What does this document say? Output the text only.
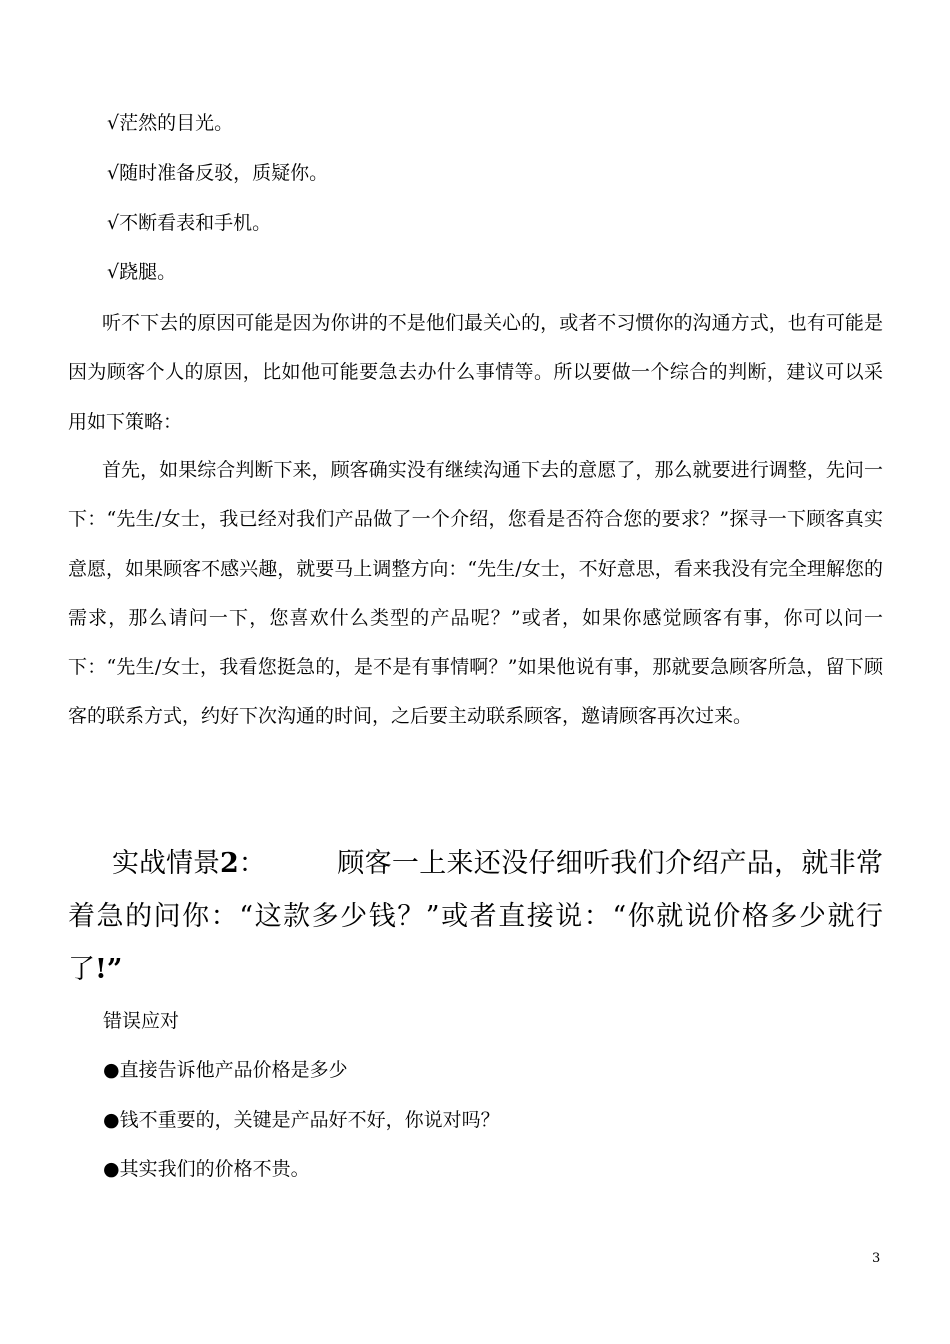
√茫然的目光。
√随时准备反驳，质疑你。
√不断看表和手机。
√跷腿。

听不下去的原因可能是因为你讲的不是他们最关心的，或者不习惯你的沟通方式，也有可能是因为顾客个人的原因，比如他可能要急去办什么事情等。所以要做一个综合的判断，建议可以采用如下策略：

首先，如果综合判断下来，顾客确实没有继续沟通下去的意愿了，那么就要进行调整，先问一下：“先生/女士，我已经对我们产品做了一个介绍，您看是否符合您的要求？”探寻一下顾客真实意愿，如果顾客不感兴趣，就要马上调整方向：“先生/女士，不好意思，看来我没有完全理解您的需求，那么请问一下，您喜欢什么类型的产品呢？”或者，如果你感觉顾客有事，你可以问一下：“先生/女士，我看您挺急的，是不是有事情啊？”如果他说有事，那就要急顾客所急，留下顾客的联系方式，约好下次沟通的时间，之后要主动联系顾客，邀请顾客再次过来。

实战情景2：	顾客一上来还没仔细听我们介绍产品，就非常着急的问你：“这款多少钱？”或者直接说：“你就说价格多少就行了!”

错误应对
●直接告诉他产品价格是多少
●钱不重要的，关键是产品好不好，你说对吗？
●其实我们的价格不贵。
3
